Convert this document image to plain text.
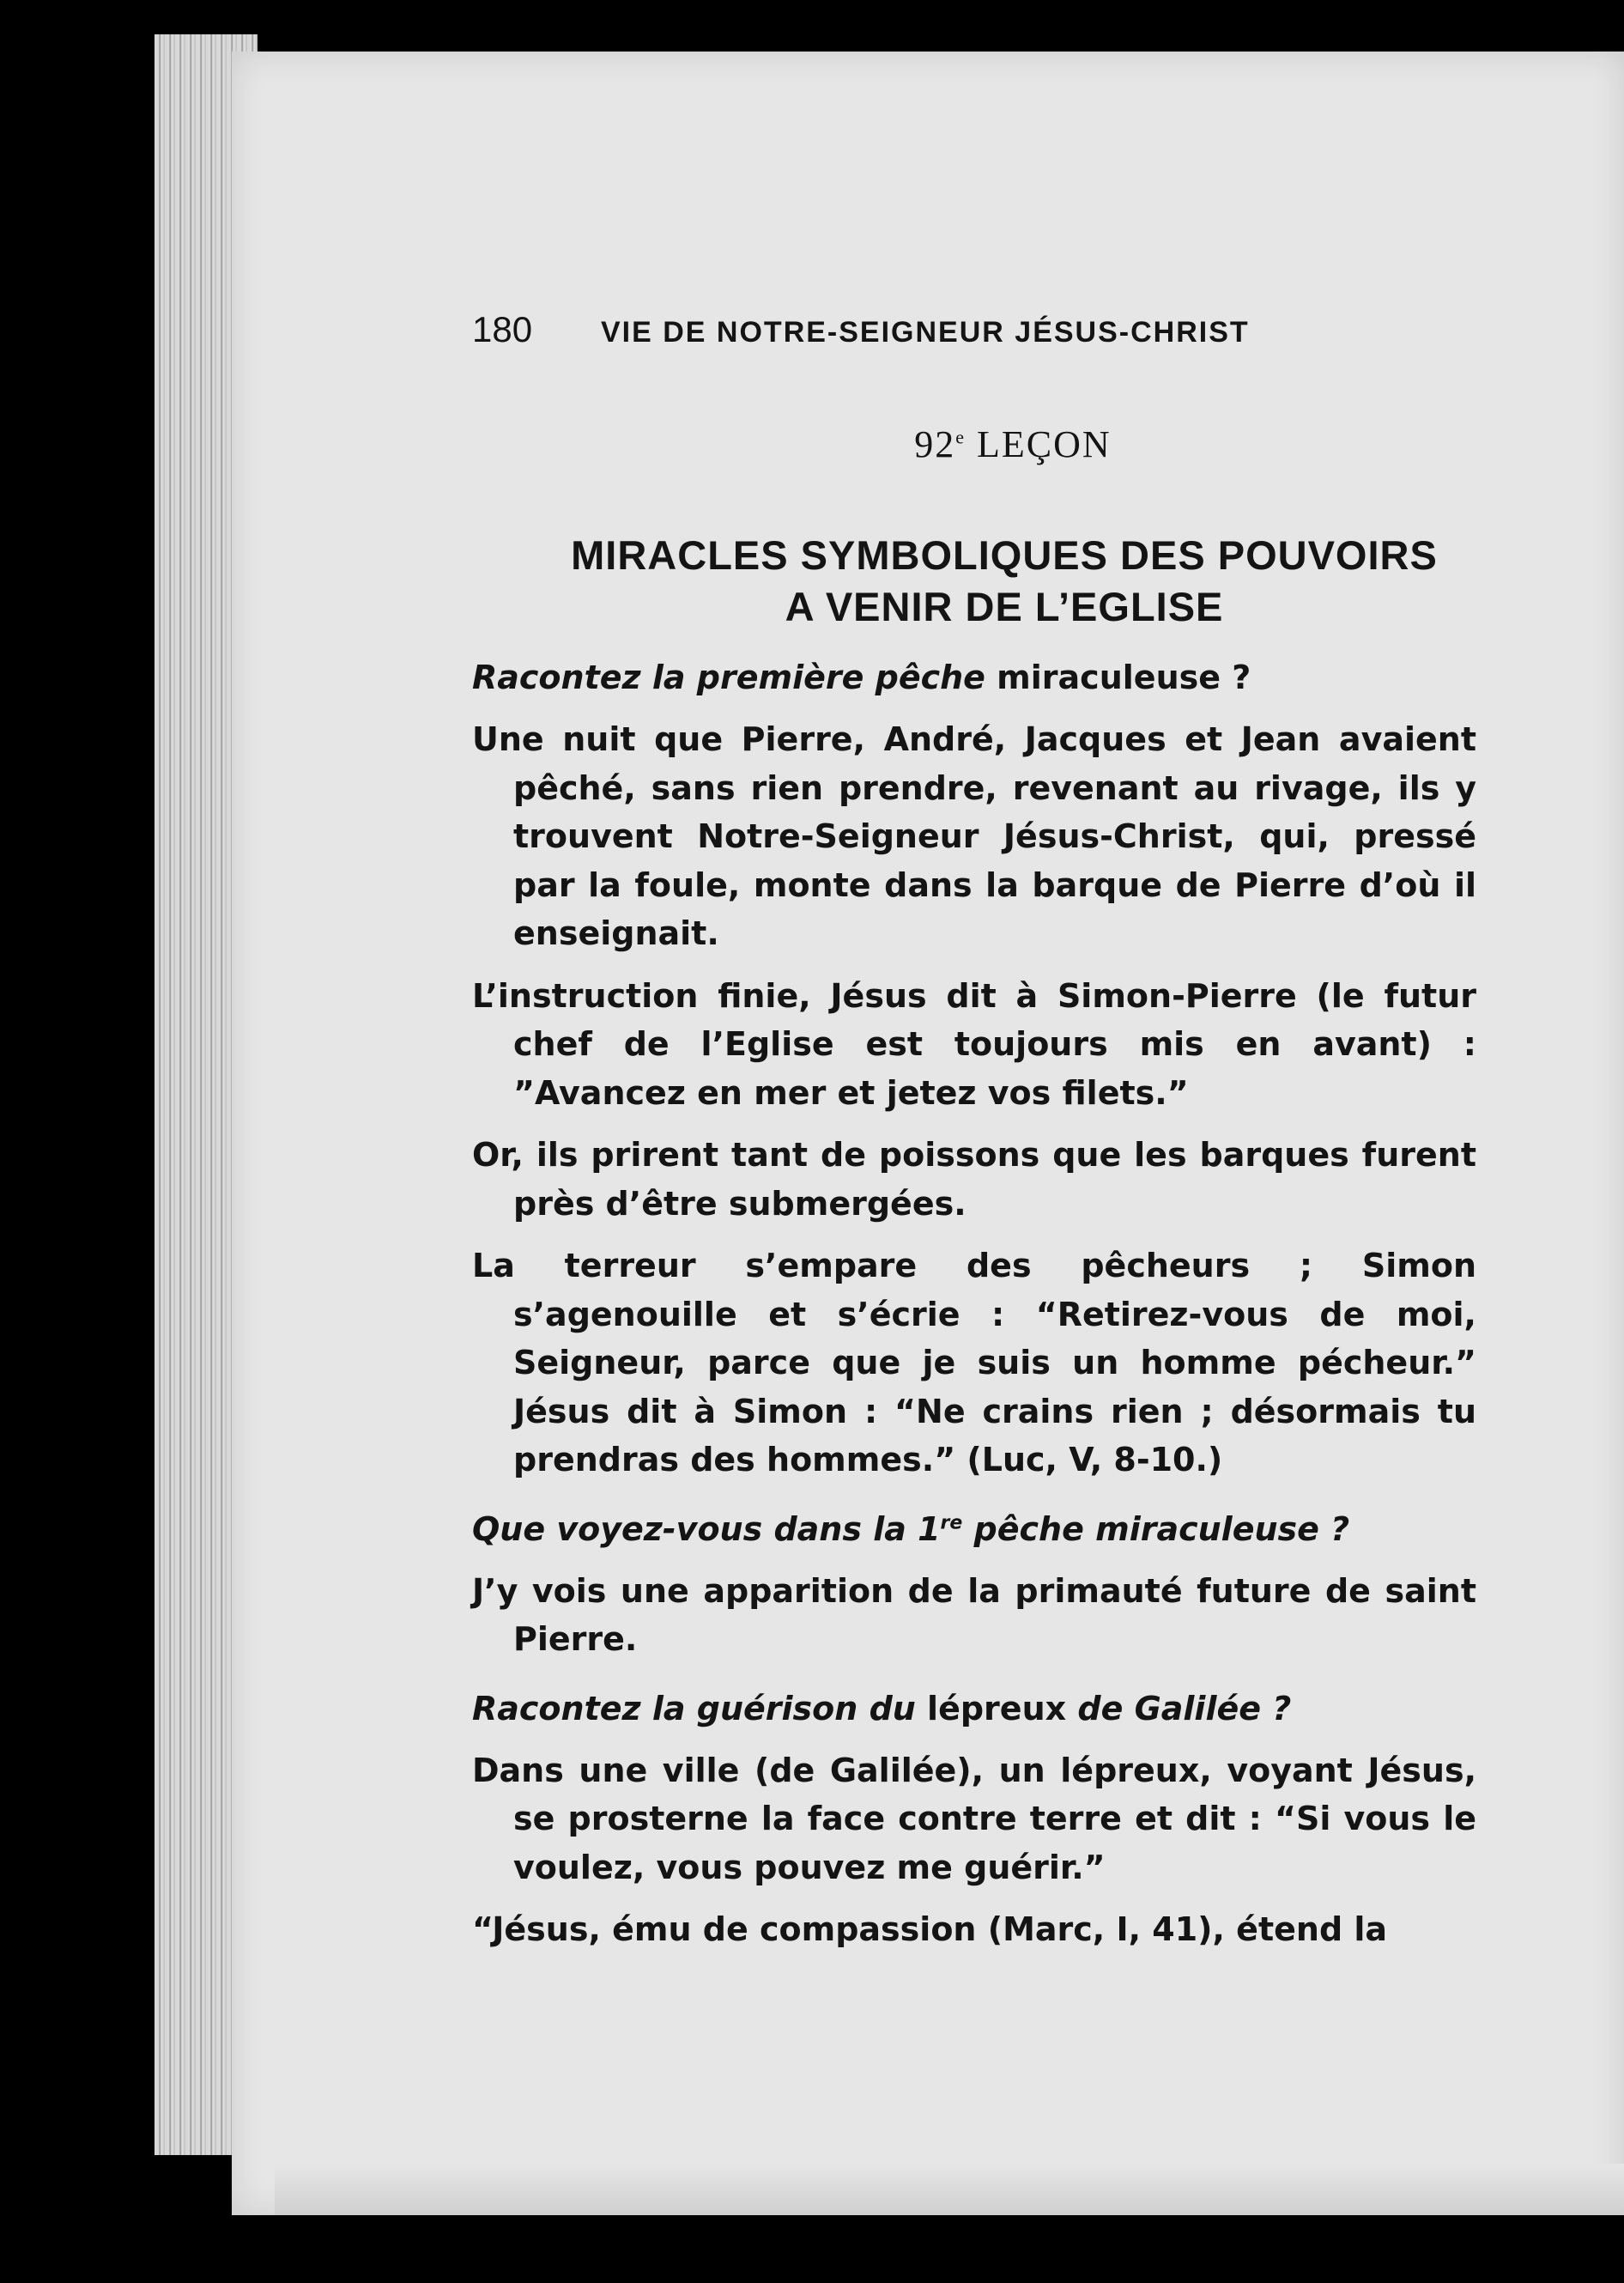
180	VIE DE NOTRE-SEIGNEUR JÉSUS-CHRIST
92e LEÇON
MIRACLES SYMBOLIQUES DES POUVOIRS
A VENIR DE L’EGLISE
Racontez la première pêche miraculeuse ?
Une nuit que Pierre, André, Jacques et Jean avaient pêché, sans rien prendre, revenant au rivage, ils y trouvent Notre-Seigneur Jésus-Christ, qui, pressé par la foule, monte dans la barque de Pierre d’où il enseignait.
L’instruction finie, Jésus dit à Simon-Pierre (le futur chef de l’Eglise est toujours mis en avant) : ”Avancez en mer et jetez vos filets.”
Or, ils prirent tant de poissons que les barques furent près d’être submergées.
La terreur s’empare des pêcheurs ; Simon s’agenouille et s’écrie : “Retirez-vous de moi, Seigneur, parce que je suis un homme pécheur.” Jésus dit à Simon : “Ne crains rien ; désormais tu prendras des hommes.” (Luc, V, 8-10.)
Que voyez-vous dans la 1re pêche miraculeuse ?
J’y vois une apparition de la primauté future de saint Pierre.
Racontez la guérison du lépreux de Galilée ?
Dans une ville (de Galilée), un lépreux, voyant Jésus, se prosterne la face contre terre et dit : “Si vous le voulez, vous pouvez me guérir.”
“Jésus, ému de compassion (Marc, I, 41), étend la
